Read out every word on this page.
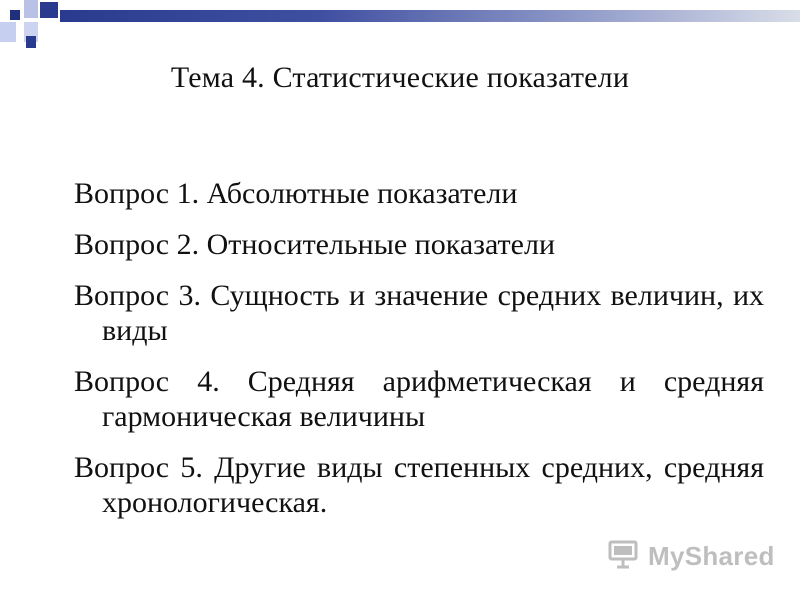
Тема 4. Статистические показатели
Вопрос 1. Абсолютные показатели
Вопрос 2. Относительные показатели
Вопрос 3. Сущность и значение средних величин, их виды
Вопрос 4. Средняя арифметическая и средняя гармоническая величины
Вопрос 5. Другие виды степенных средних, средняя хронологическая.
MyShared
